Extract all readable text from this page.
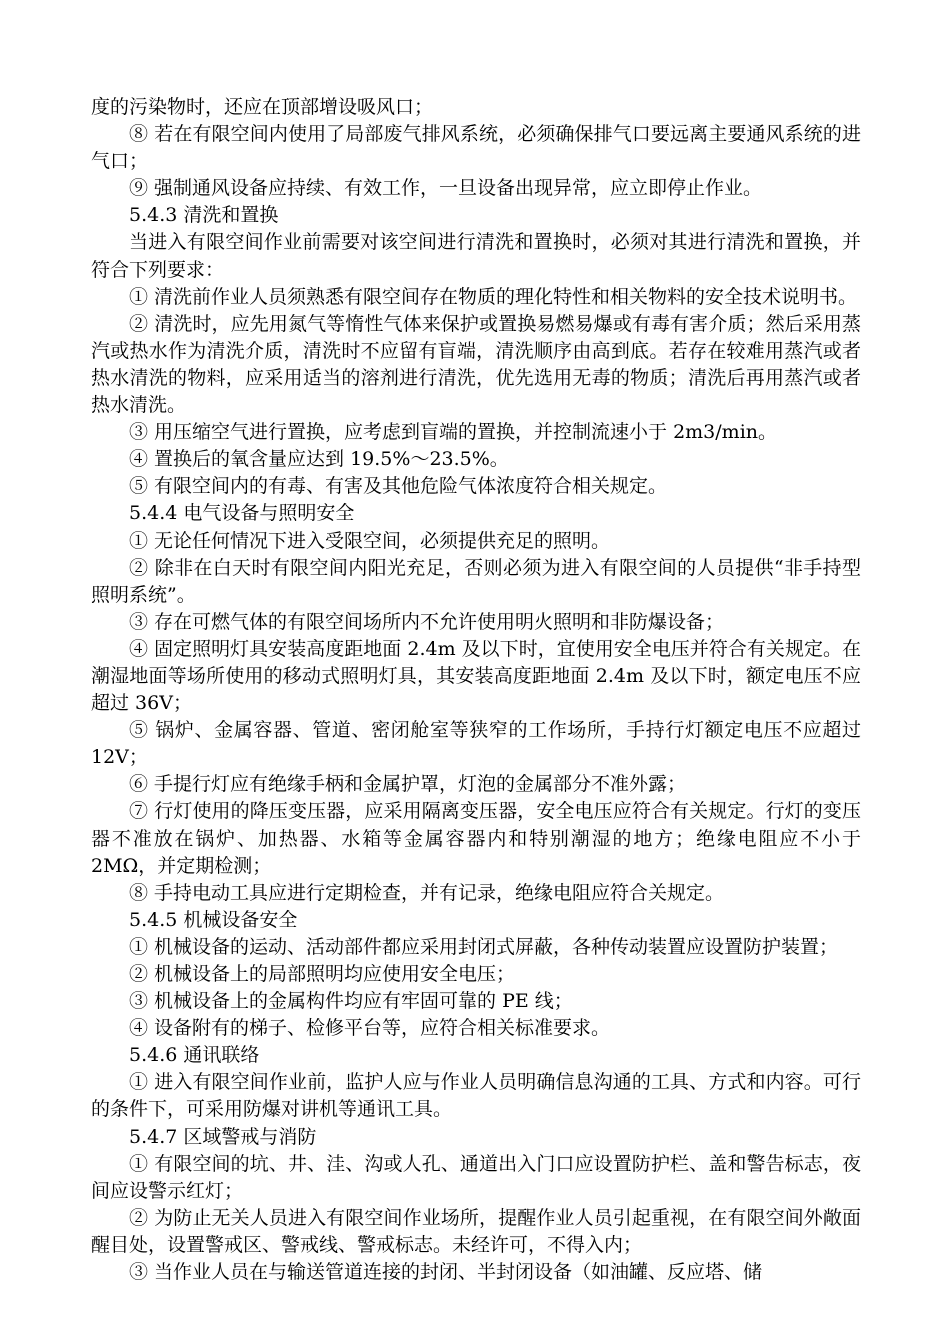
度的污染物时，还应在顶部增设吸风口；

⑧ 若在有限空间内使用了局部废气排风系统，必须确保排气口要远离主要通风系统的进气口；

⑨ 强制通风设备应持续、有效工作，一旦设备出现异常，应立即停止作业。

5.4.3 清洗和置换

当进入有限空间作业前需要对该空间进行清洗和置换时，必须对其进行清洗和置换，并符合下列要求：

① 清洗前作业人员须熟悉有限空间存在物质的理化特性和相关物料的安全技术说明书。

② 清洗时，应先用氮气等惰性气体来保护或置换易燃易爆或有毒有害介质；然后采用蒸汽或热水作为清洗介质，清洗时不应留有盲端，清洗顺序由高到底。若存在较难用蒸汽或者热水清洗的物料，应采用适当的溶剂进行清洗，优先选用无毒的物质；清洗后再用蒸汽或者热水清洗。

③ 用压缩空气进行置换，应考虑到盲端的置换，并控制流速小于 2m3/min。

④ 置换后的氧含量应达到 19.5%～23.5%。

⑤ 有限空间内的有毒、有害及其他危险气体浓度符合相关规定。

5.4.4 电气设备与照明安全

① 无论任何情况下进入受限空间，必须提供充足的照明。

② 除非在白天时有限空间内阳光充足，否则必须为进入有限空间的人员提供“非手持型照明系统”。

③ 存在可燃气体的有限空间场所内不允许使用明火照明和非防爆设备；

④ 固定照明灯具安装高度距地面 2.4m 及以下时，宜使用安全电压并符合有关规定。在潮湿地面等场所使用的移动式照明灯具，其安装高度距地面 2.4m 及以下时，额定电压不应超过 36V；

⑤ 锅炉、金属容器、管道、密闭舱室等狭窄的工作场所，手持行灯额定电压不应超过 12V；

⑥ 手提行灯应有绝缘手柄和金属护罩，灯泡的金属部分不准外露；

⑦ 行灯使用的降压变压器，应采用隔离变压器，安全电压应符合有关规定。行灯的变压器不准放在锅炉、加热器、水箱等金属容器内和特别潮湿的地方；绝缘电阻应不小于 2MΩ，并定期检测；

⑧ 手持电动工具应进行定期检查，并有记录，绝缘电阻应符合关规定。

5.4.5 机械设备安全

① 机械设备的运动、活动部件都应采用封闭式屏蔽，各种传动装置应设置防护装置；

② 机械设备上的局部照明均应使用安全电压；

③ 机械设备上的金属构件均应有牢固可靠的 PE 线；

④ 设备附有的梯子、检修平台等，应符合相关标准要求。

5.4.6 通讯联络

① 进入有限空间作业前，监护人应与作业人员明确信息沟通的工具、方式和内容。可行的条件下，可采用防爆对讲机等通讯工具。

5.4.7 区域警戒与消防

① 有限空间的坑、井、洼、沟或人孔、通道出入门口应设置防护栏、盖和警告标志，夜间应设警示红灯；

② 为防止无关人员进入有限空间作业场所，提醒作业人员引起重视，在有限空间外敞面醒目处，设置警戒区、警戒线、警戒标志。未经许可，不得入内；

③ 当作业人员在与输送管道连接的封闭、半封闭设备（如油罐、反应塔、储
